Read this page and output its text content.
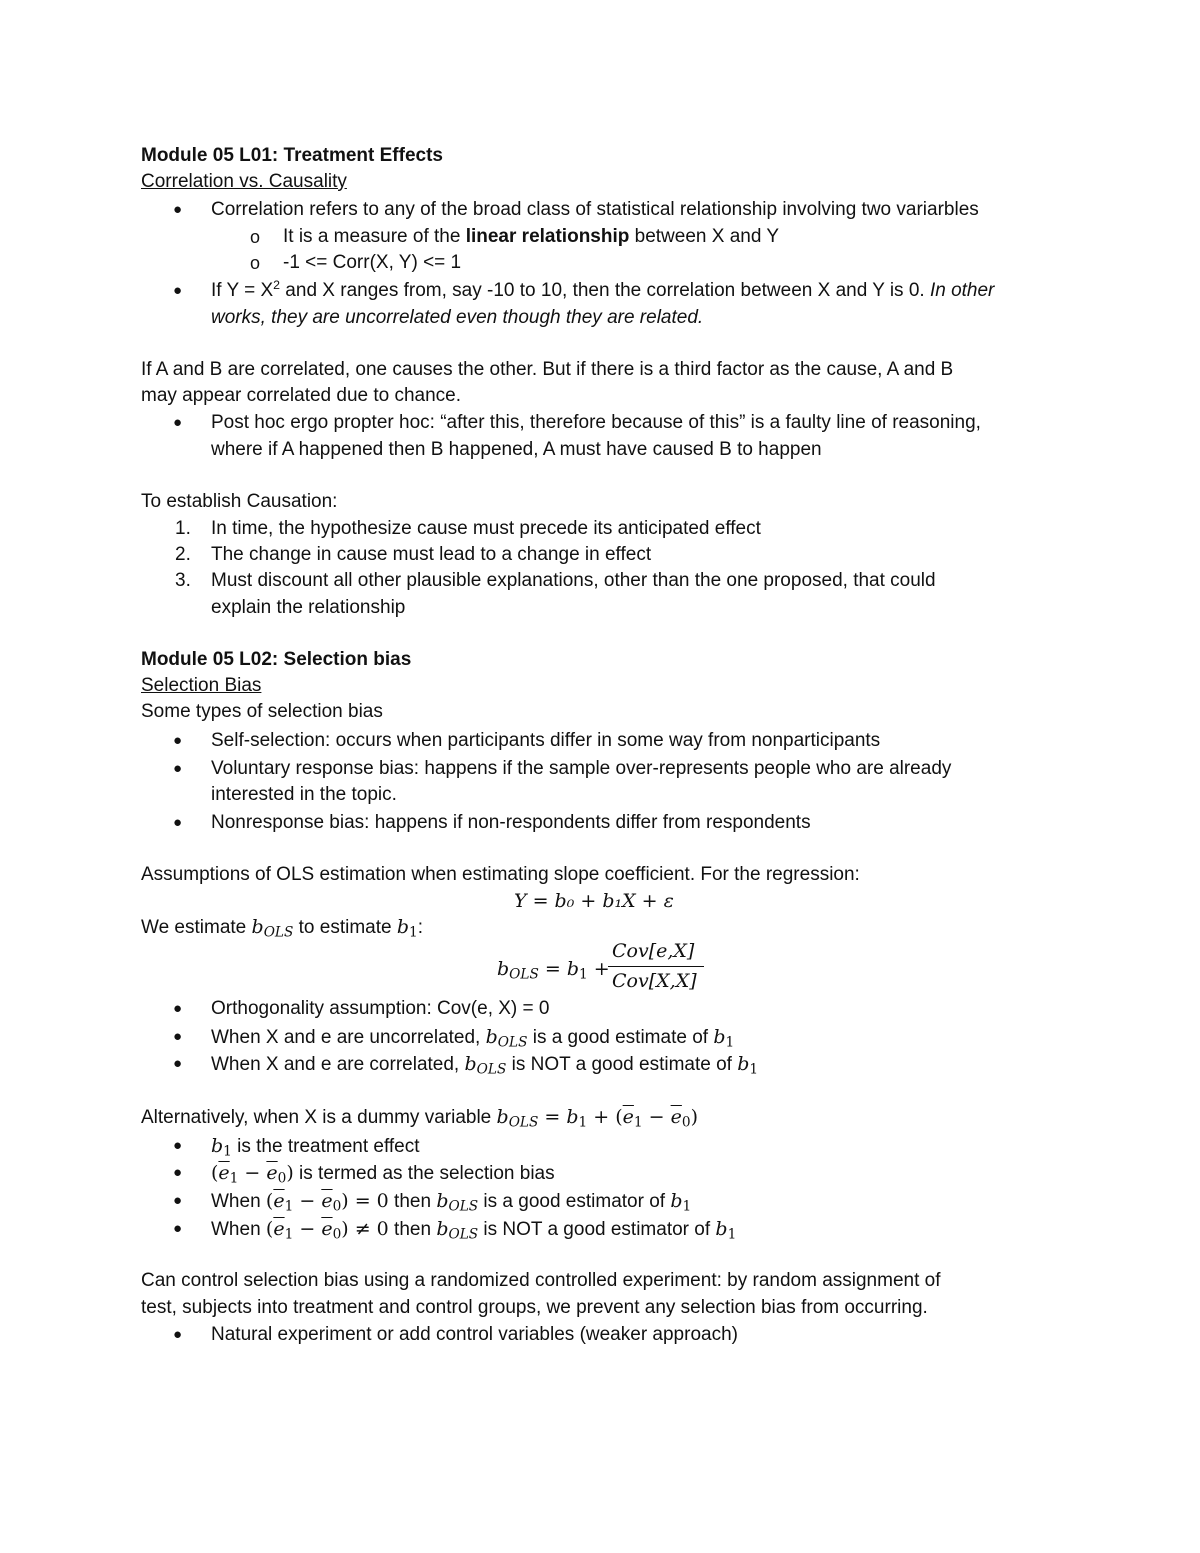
Module 05 L01: Treatment Effects
Correlation vs. Causality
● Correlation refers to any of the broad class of statistical relationship involving two variarbles
o It is a measure of the linear relationship between X and Y
o -1 <= Corr(X, Y) <= 1
● If $Y = X^2$ and X ranges from, say -10 to 10, then the correlation between X and Y is 0. In other
works, they are uncorrelated even though they are related.
If A and B are correlated, one causes the other. But if there is a third factor as the cause, A and B
may appear correlated due to chance.
● Post hoc ergo propter hoc: “after this, therefore because of this” is a faulty line of reasoning,
where if A happened then B happened, A must have caused B to happen
To establish Causation:
1. In time, the hypothesize cause must precede its anticipated effect
2. The change in cause must lead to a change in effect
3. Must discount all other plausible explanations, other than the one proposed, that could
explain the relationship
Module 05 L02: Selection bias
Selection Bias
Some types of selection bias
● Self-selection: occurs when participants differ in some way from nonparticipants
● Voluntary response bias: happens if the sample over-represents people who are already
interested in the topic.
● Nonresponse bias: happens if non-respondents differ from respondents
Assumptions of OLS estimation when estimating slope coefficient. For the regression:
Y = b₀ + b₁X + ε
We estimate $b_{OLS}$ to estimate $b_1$:
$b_{OLS} = b_1$ +
Cov[e,X]
Cov[X,X]
● Orthogonality assumption: Cov(e, X) = 0
● When X and e are uncorrelated, $b_{OLS}$ is a good estimate of $b_1$
● When X and e are correlated, $b_{OLS}$ is NOT a good estimate of $b_1$
Alternatively, when X is a dummy variable $b_{OLS} = b_1 + (\overline{e}_1 - \overline{e}_0)$
● $b_1$ is the treatment effect
● $(\overline{e}_1 - \overline{e}_0)$ is termed as the selection bias
● When $(\overline{e}_1 - \overline{e}_0) = 0$ then $b_{OLS}$ is a good estimator of $b_1$
● When $(\overline{e}_1 - \overline{e}_0) \ne 0$ then $b_{OLS}$ is NOT a good estimator of $b_1$
Can control selection bias using a randomized controlled experiment: by random assignment of
test, subjects into treatment and control groups, we prevent any selection bias from occurring.
● Natural experiment or add control variables (weaker approach)
